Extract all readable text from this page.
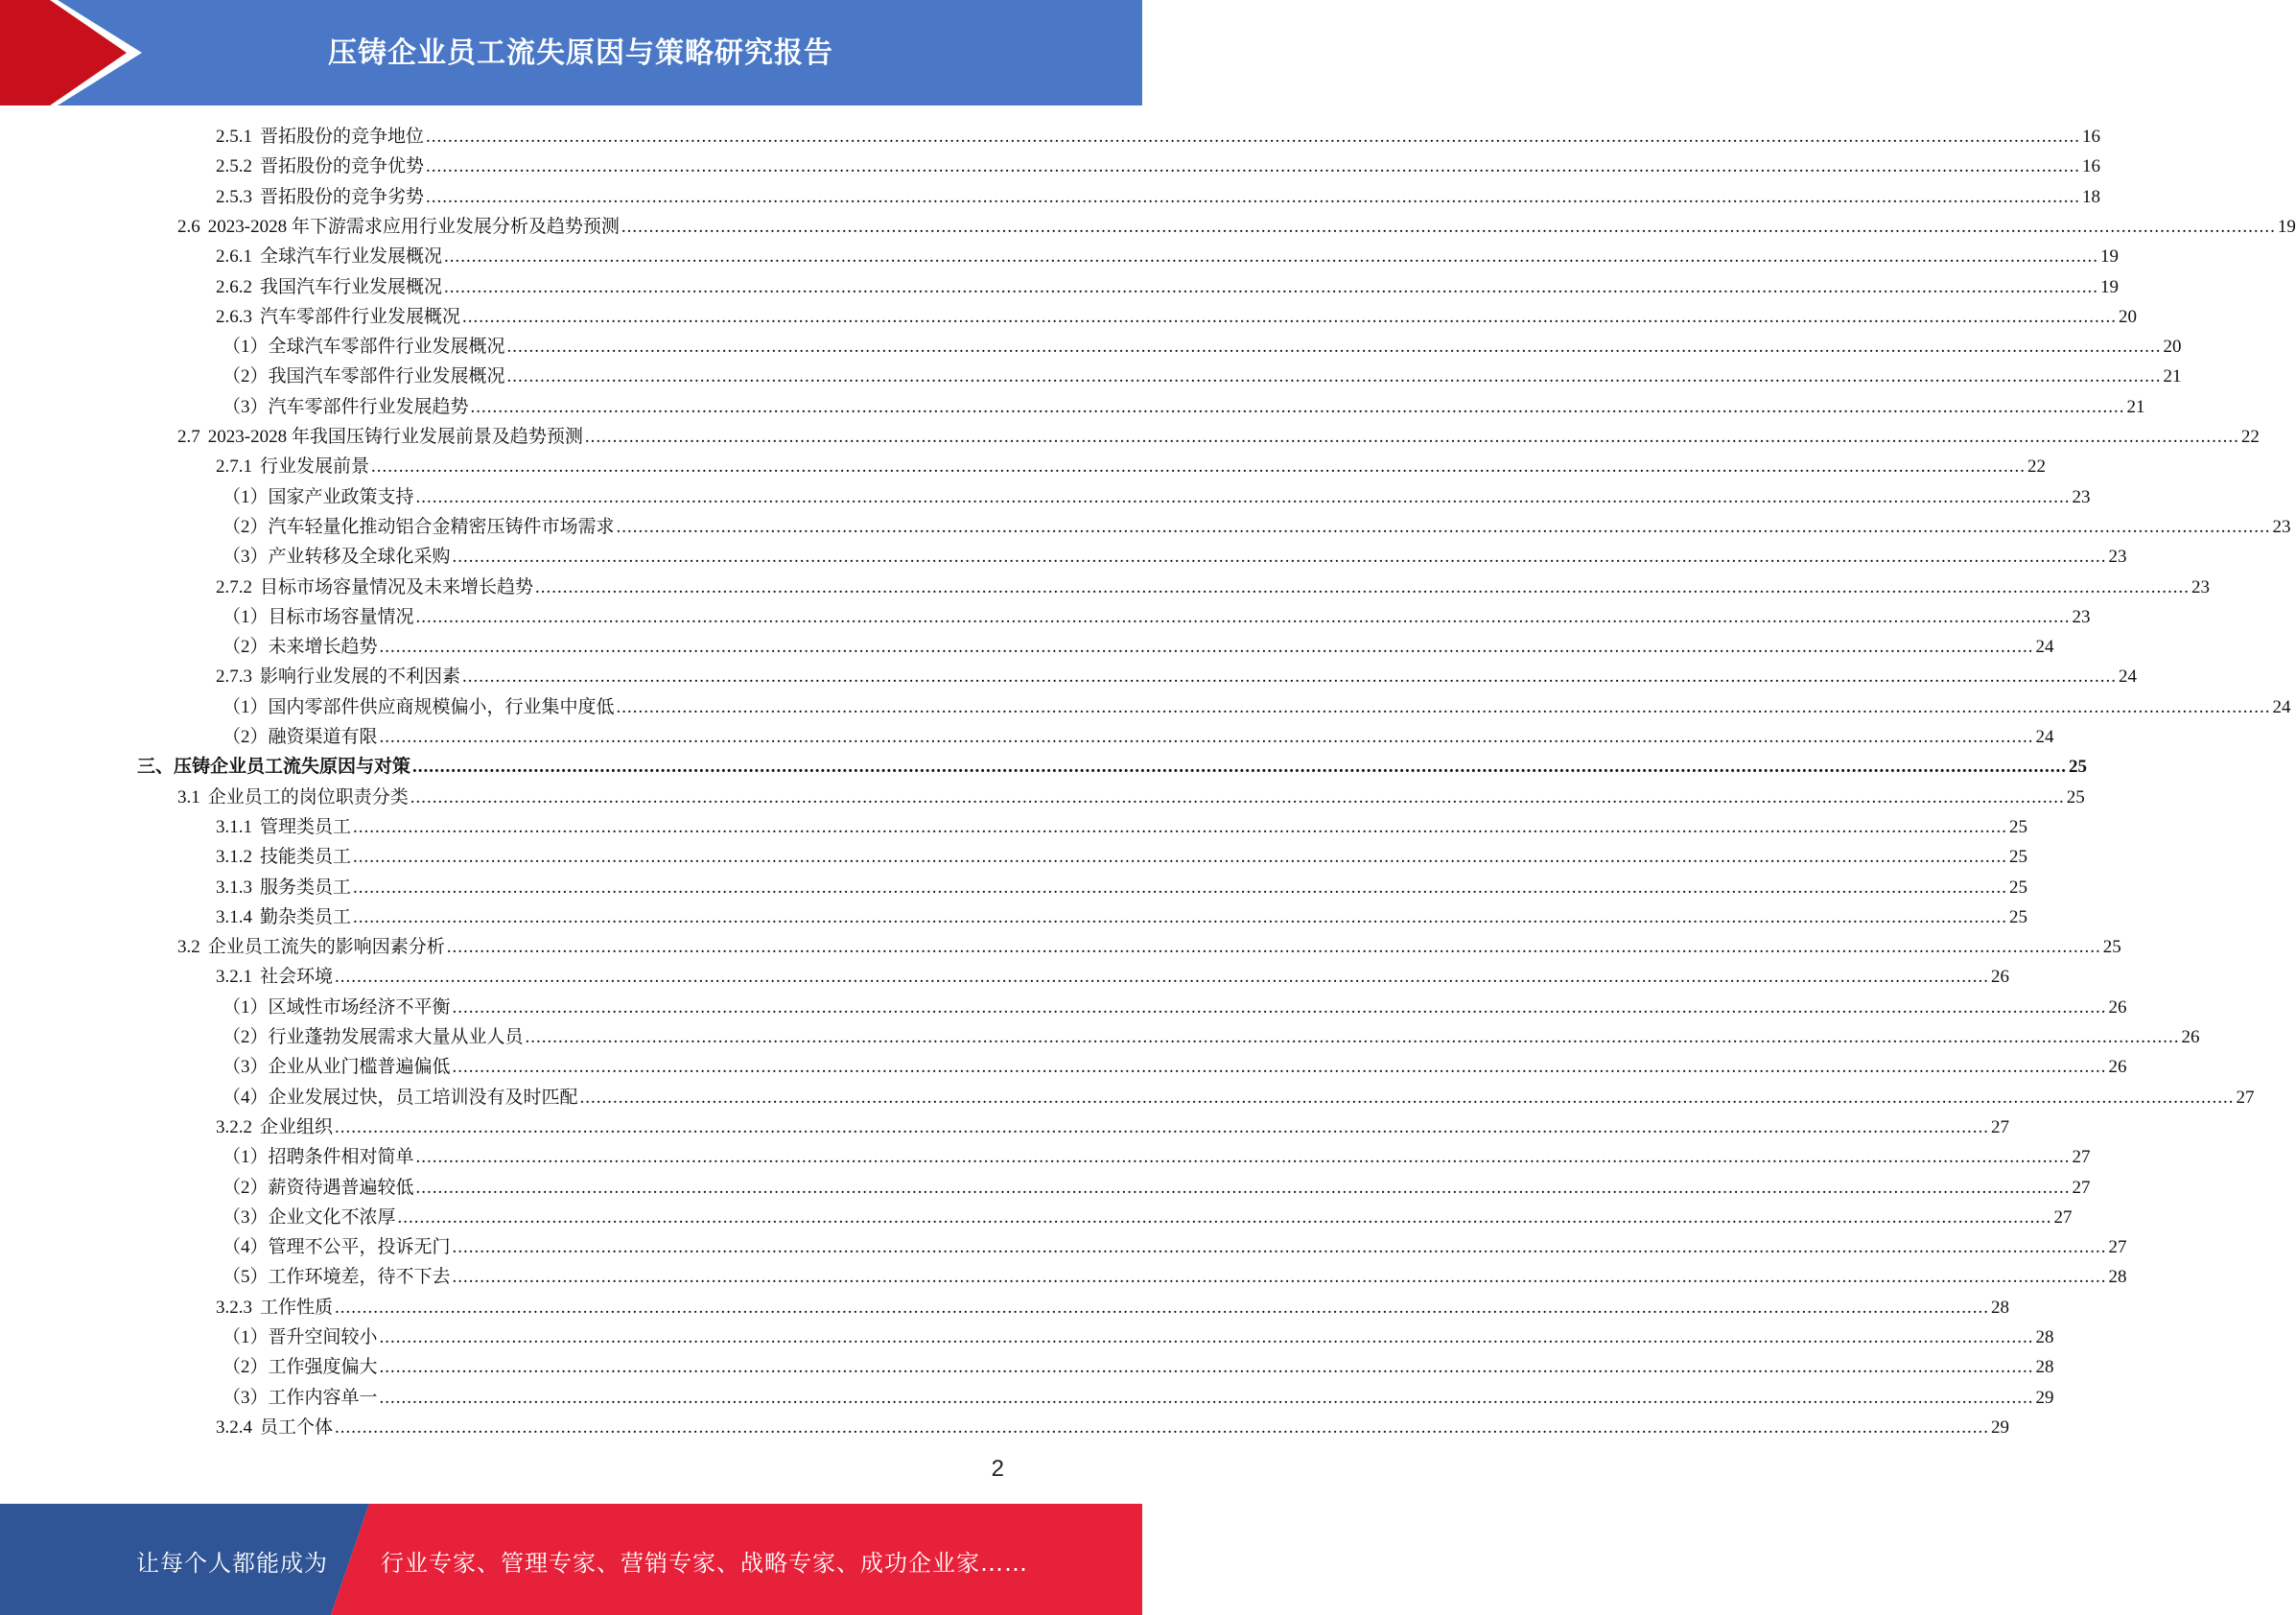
压铸企业员工流失原因与策略研究报告
2.5.1 晋拓股份的竞争地位 ............................................................................................................................................................................................................................................................................................................ 16
2.5.2 晋拓股份的竞争优势 ............................................................................................................................................................................................................................................................................................................ 16
2.5.3 晋拓股份的竞争劣势 ............................................................................................................................................................................................................................................................................................................ 18
2.6 2023-2028 年下游需求应用行业发展分析及趋势预测 ............................................................................................................................................................................................................................................................................................................ 19
2.6.1 全球汽车行业发展概况 ............................................................................................................................................................................................................................................................................................................ 19
2.6.2 我国汽车行业发展概况 ............................................................................................................................................................................................................................................................................................................ 19
2.6.3 汽车零部件行业发展概况 ............................................................................................................................................................................................................................................................................................................ 20
（1） 全球汽车零部件行业发展概况 ............................................................................................................................................................................................................................................................................................................ 20
（2） 我国汽车零部件行业发展概况 ............................................................................................................................................................................................................................................................................................................ 21
（3） 汽车零部件行业发展趋势 ............................................................................................................................................................................................................................................................................................................ 21
2.7 2023-2028 年我国压铸行业发展前景及趋势预测 ............................................................................................................................................................................................................................................................................................................ 22
2.7.1 行业发展前景 ............................................................................................................................................................................................................................................................................................................ 22
（1） 国家产业政策支持 ............................................................................................................................................................................................................................................................................................................ 23
（2） 汽车轻量化推动铝合金精密压铸件市场需求 ............................................................................................................................................................................................................................................................................................................ 23
（3） 产业转移及全球化采购 ............................................................................................................................................................................................................................................................................................................ 23
2.7.2 目标市场容量情况及未来增长趋势 ............................................................................................................................................................................................................................................................................................................ 23
（1） 目标市场容量情况 ............................................................................................................................................................................................................................................................................................................ 23
（2） 未来增长趋势 ............................................................................................................................................................................................................................................................................................................ 24
2.7.3 影响行业发展的不利因素 ............................................................................................................................................................................................................................................................................................................ 24
（1） 国内零部件供应商规模偏小，行业集中度低 ............................................................................................................................................................................................................................................................................................................ 24
（2） 融资渠道有限 ............................................................................................................................................................................................................................................................................................................ 24
三、 压铸企业员工流失原因与对策 ............................................................................................................................................................................................................................................................................................................ 25
3.1 企业员工的岗位职责分类 ............................................................................................................................................................................................................................................................................................................ 25
3.1.1 管理类员工 ............................................................................................................................................................................................................................................................................................................ 25
3.1.2 技能类员工 ............................................................................................................................................................................................................................................................................................................ 25
3.1.3 服务类员工 ............................................................................................................................................................................................................................................................................................................ 25
3.1.4 勤杂类员工 ............................................................................................................................................................................................................................................................................................................ 25
3.2 企业员工流失的影响因素分析 ............................................................................................................................................................................................................................................................................................................ 25
3.2.1 社会环境 ............................................................................................................................................................................................................................................................................................................ 26
（1） 区域性市场经济不平衡 ............................................................................................................................................................................................................................................................................................................ 26
（2） 行业蓬勃发展需求大量从业人员 ............................................................................................................................................................................................................................................................................................................ 26
（3） 企业从业门槛普遍偏低 ............................................................................................................................................................................................................................................................................................................ 26
（4） 企业发展过快，员工培训没有及时匹配 ............................................................................................................................................................................................................................................................................................................ 27
3.2.2 企业组织 ............................................................................................................................................................................................................................................................................................................ 27
（1） 招聘条件相对简单 ............................................................................................................................................................................................................................................................................................................ 27
（2） 薪资待遇普遍较低 ............................................................................................................................................................................................................................................................................................................ 27
（3） 企业文化不浓厚 ............................................................................................................................................................................................................................................................................................................ 27
（4） 管理不公平，投诉无门 ............................................................................................................................................................................................................................................................................................................ 27
（5） 工作环境差，待不下去 ............................................................................................................................................................................................................................................................................................................ 28
3.2.3 工作性质 ............................................................................................................................................................................................................................................................................................................ 28
（1） 晋升空间较小 ............................................................................................................................................................................................................................................................................................................ 28
（2） 工作强度偏大 ............................................................................................................................................................................................................................................................................................................ 28
（3） 工作内容单一 ............................................................................................................................................................................................................................................................................................................ 29
3.2.4 员工个体 ............................................................................................................................................................................................................................................................................................................ 29
2
让每个人都能成为 行业专家、管理专家、营销专家、战略专家、成功企业家……
